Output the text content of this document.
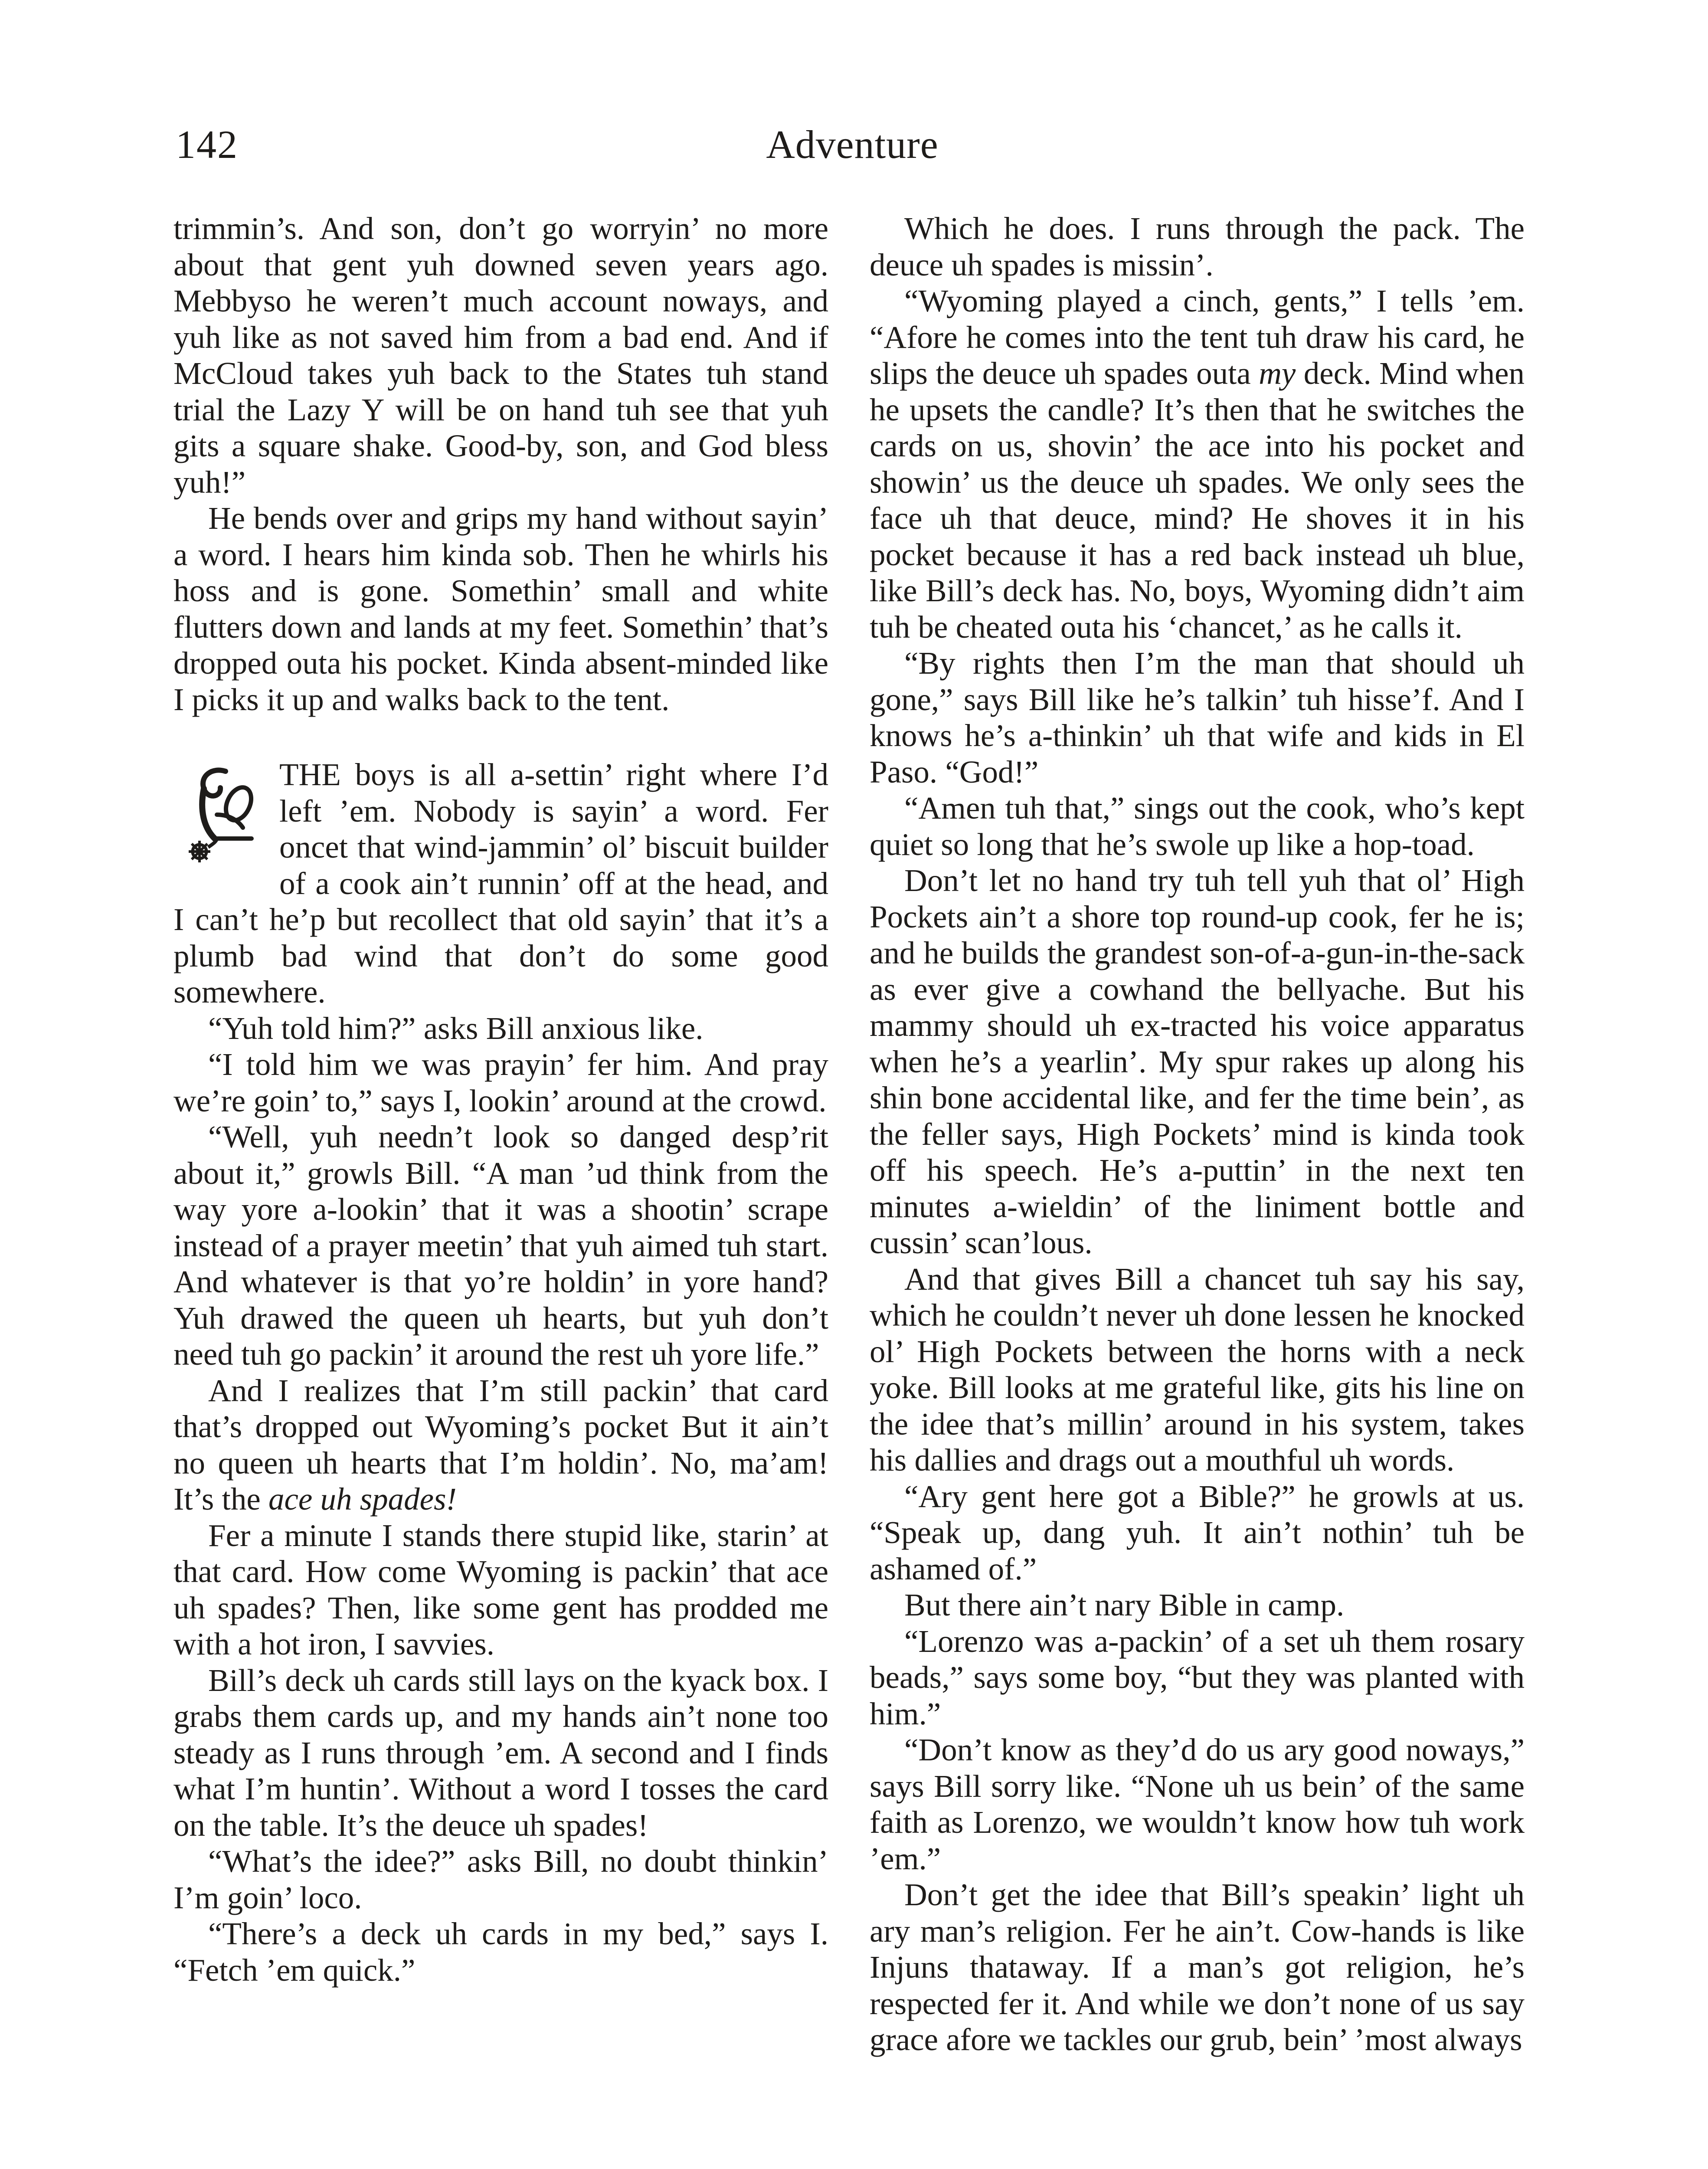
142	Adventure

trimmin’s. And son, don’t go worryin’ no more about that gent yuh downed seven years ago. Mebbyso he weren’t much account noways, and yuh like as not saved him from a bad end. And if McCloud takes yuh back to the States tuh stand trial the Lazy Y will be on hand tuh see that yuh gits a square shake. Good-by, son, and God bless yuh!”

He bends over and grips my hand without sayin’ a word. I hears him kinda sob. Then he whirls his hoss and is gone. Somethin’ small and white flutters down and lands at my feet. Somethin’ that’s dropped outa his pocket. Kinda absent-minded like I picks it up and walks back to the tent.

THE boys is all a-settin’ right where I’d left ’em. Nobody is sayin’ a word. Fer oncet that wind-jammin’ ol’ biscuit builder of a cook ain’t runnin’ off at the head, and I can’t he’p but recollect that old sayin’ that it’s a plumb bad wind that don’t do some good somewhere.

“Yuh told him?” asks Bill anxious like.

“I told him we was prayin’ fer him. And pray we’re goin’ to,” says I, lookin’ around at the crowd.

“Well, yuh needn’t look so danged desp’rit about it,” growls Bill. “A man ’ud think from the way yore a-lookin’ that it was a shootin’ scrape instead of a prayer meetin’ that yuh aimed tuh start. And whatever is that yo’re holdin’ in yore hand? Yuh drawed the queen uh hearts, but yuh don’t need tuh go packin’ it around the rest uh yore life.”

And I realizes that I’m still packin’ that card that’s dropped out Wyoming’s pocket But it ain’t no queen uh hearts that I’m holdin’. No, ma’am! It’s the ace uh spades!

Fer a minute I stands there stupid like, starin’ at that card. How come Wyoming is packin’ that ace uh spades? Then, like some gent has prodded me with a hot iron, I savvies.

Bill’s deck uh cards still lays on the kyack box. I grabs them cards up, and my hands ain’t none too steady as I runs through ’em. A second and I finds what I’m huntin’. Without a word I tosses the card on the table. It’s the deuce uh spades!

“What’s the idee?” asks Bill, no doubt thinkin’ I’m goin’ loco.

“There’s a deck uh cards in my bed,” says I. “Fetch ’em quick.”

Which he does. I runs through the pack. The deuce uh spades is missin’.

“Wyoming played a cinch, gents,” I tells ’em. “Afore he comes into the tent tuh draw his card, he slips the deuce uh spades outa my deck. Mind when he upsets the candle? It’s then that he switches the cards on us, shovin’ the ace into his pocket and showin’ us the deuce uh spades. We only sees the face uh that deuce, mind? He shoves it in his pocket because it has a red back instead uh blue, like Bill’s deck has. No, boys, Wyoming didn’t aim tuh be cheated outa his ‘chancet,’ as he calls it.

“By rights then I’m the man that should uh gone,” says Bill like he’s talkin’ tuh hisse’f. And I knows he’s a-thinkin’ uh that wife and kids in El Paso. “God!”

“Amen tuh that,” sings out the cook, who’s kept quiet so long that he’s swole up like a hop-toad.

Don’t let no hand try tuh tell yuh that ol’ High Pockets ain’t a shore top round-up cook, fer he is; and he builds the grandest son-of-a-gun-in-the-sack as ever give a cowhand the bellyache. But his mammy should uh ex-tracted his voice apparatus when he’s a yearlin’. My spur rakes up along his shin bone accidental like, and fer the time bein’, as the feller says, High Pockets’ mind is kinda took off his speech. He’s a-puttin’ in the next ten minutes a-wieldin’ of the liniment bottle and cussin’ scan’lous.

And that gives Bill a chancet tuh say his say, which he couldn’t never uh done lessen he knocked ol’ High Pockets between the horns with a neck yoke. Bill looks at me grateful like, gits his line on the idee that’s millin’ around in his system, takes his dallies and drags out a mouthful uh words.

“Ary gent here got a Bible?” he growls at us. “Speak up, dang yuh. It ain’t nothin’ tuh be ashamed of.”

But there ain’t nary Bible in camp.

“Lorenzo was a-packin’ of a set uh them rosary beads,” says some boy, “but they was planted with him.”

“Don’t know as they’d do us ary good noways,” says Bill sorry like. “None uh us bein’ of the same faith as Lorenzo, we wouldn’t know how tuh work ’em.”

Don’t get the idee that Bill’s speakin’ light uh ary man’s religion. Fer he ain’t. Cow-hands is like Injuns thataway. If a man’s got religion, he’s respected fer it. And while we don’t none of us say grace afore we tackles our grub, bein’ ’most always
